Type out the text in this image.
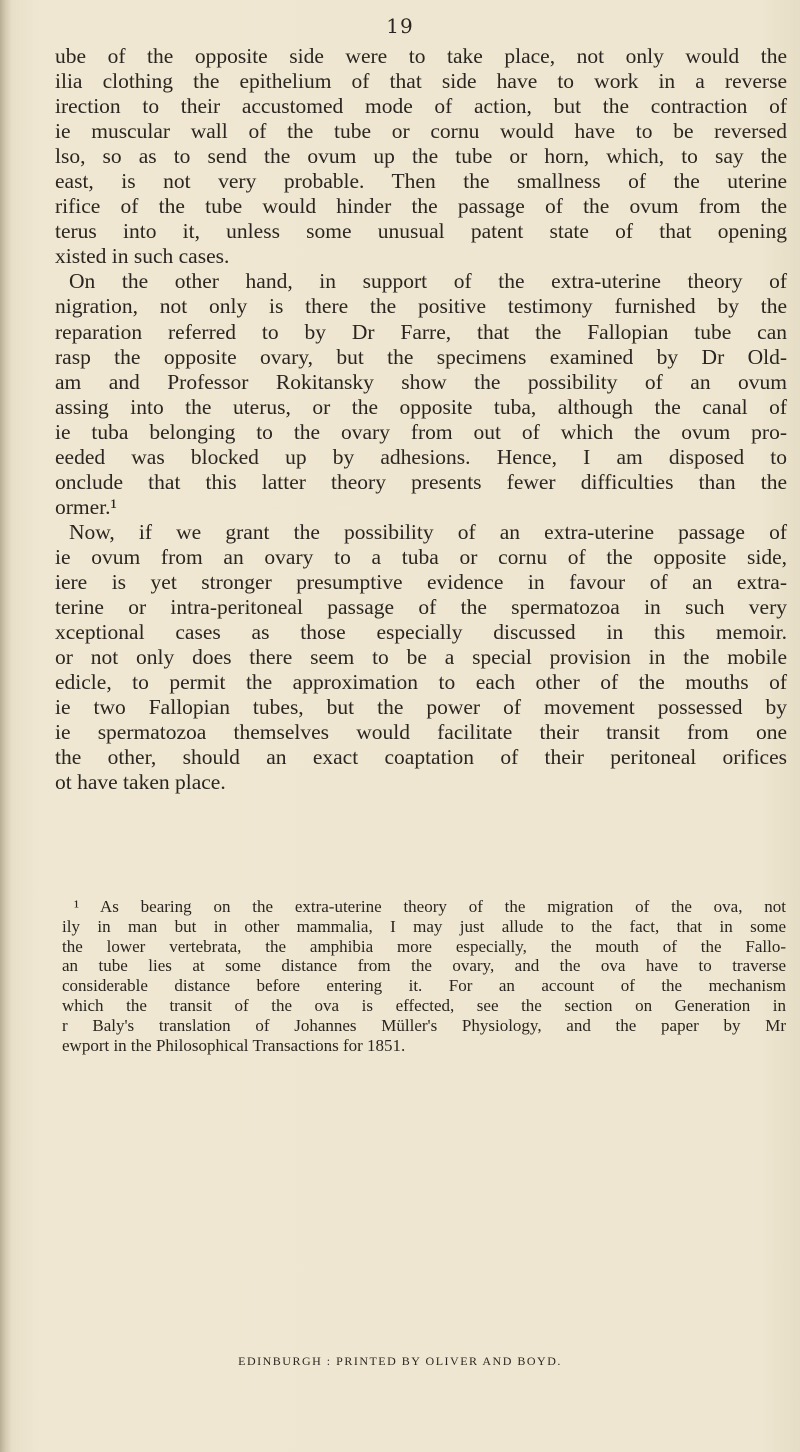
19
ube of the opposite side were to take place, not only would the
ilia clothing the epithelium of that side have to work in a reverse
irection to their accustomed mode of action, but the contraction of
ie muscular wall of the tube or cornu would have to be reversed
lso, so as to send the ovum up the tube or horn, which, to say the
east, is not very probable. Then the smallness of the uterine
rifice of the tube would hinder the passage of the ovum from the
terus into it, unless some unusual patent state of that opening
xisted in such cases.
On the other hand, in support of the extra-uterine theory of
nigration, not only is there the positive testimony furnished by the
reparation referred to by Dr Farre, that the Fallopian tube can
rasp the opposite ovary, but the specimens examined by Dr Old-
am and Professor Rokitansky show the possibility of an ovum
assing into the uterus, or the opposite tuba, although the canal of
ie tuba belonging to the ovary from out of which the ovum pro-
eeded was blocked up by adhesions. Hence, I am disposed to
onclude that this latter theory presents fewer difficulties than the
ormer.¹
Now, if we grant the possibility of an extra-uterine passage of
ie ovum from an ovary to a tuba or cornu of the opposite side,
iere is yet stronger presumptive evidence in favour of an extra-
terine or intra-peritoneal passage of the spermatozoa in such very
xceptional cases as those especially discussed in this memoir.
or not only does there seem to be a special provision in the mobile
edicle, to permit the approximation to each other of the mouths of
ie two Fallopian tubes, but the power of movement possessed by
ie spermatozoa themselves would facilitate their transit from one
the other, should an exact coaptation of their peritoneal orifices
ot have taken place.
¹ As bearing on the extra-uterine theory of the migration of the ova, not
ily in man but in other mammalia, I may just allude to the fact, that in some
the lower vertebrata, the amphibia more especially, the mouth of the Fallo-
an tube lies at some distance from the ovary, and the ova have to traverse
considerable distance before entering it. For an account of the mechanism
which the transit of the ova is effected, see the section on Generation in
r Baly's translation of Johannes Müller's Physiology, and the paper by Mr
ewport in the Philosophical Transactions for 1851.
EDINBURGH : PRINTED BY OLIVER AND BOYD.
